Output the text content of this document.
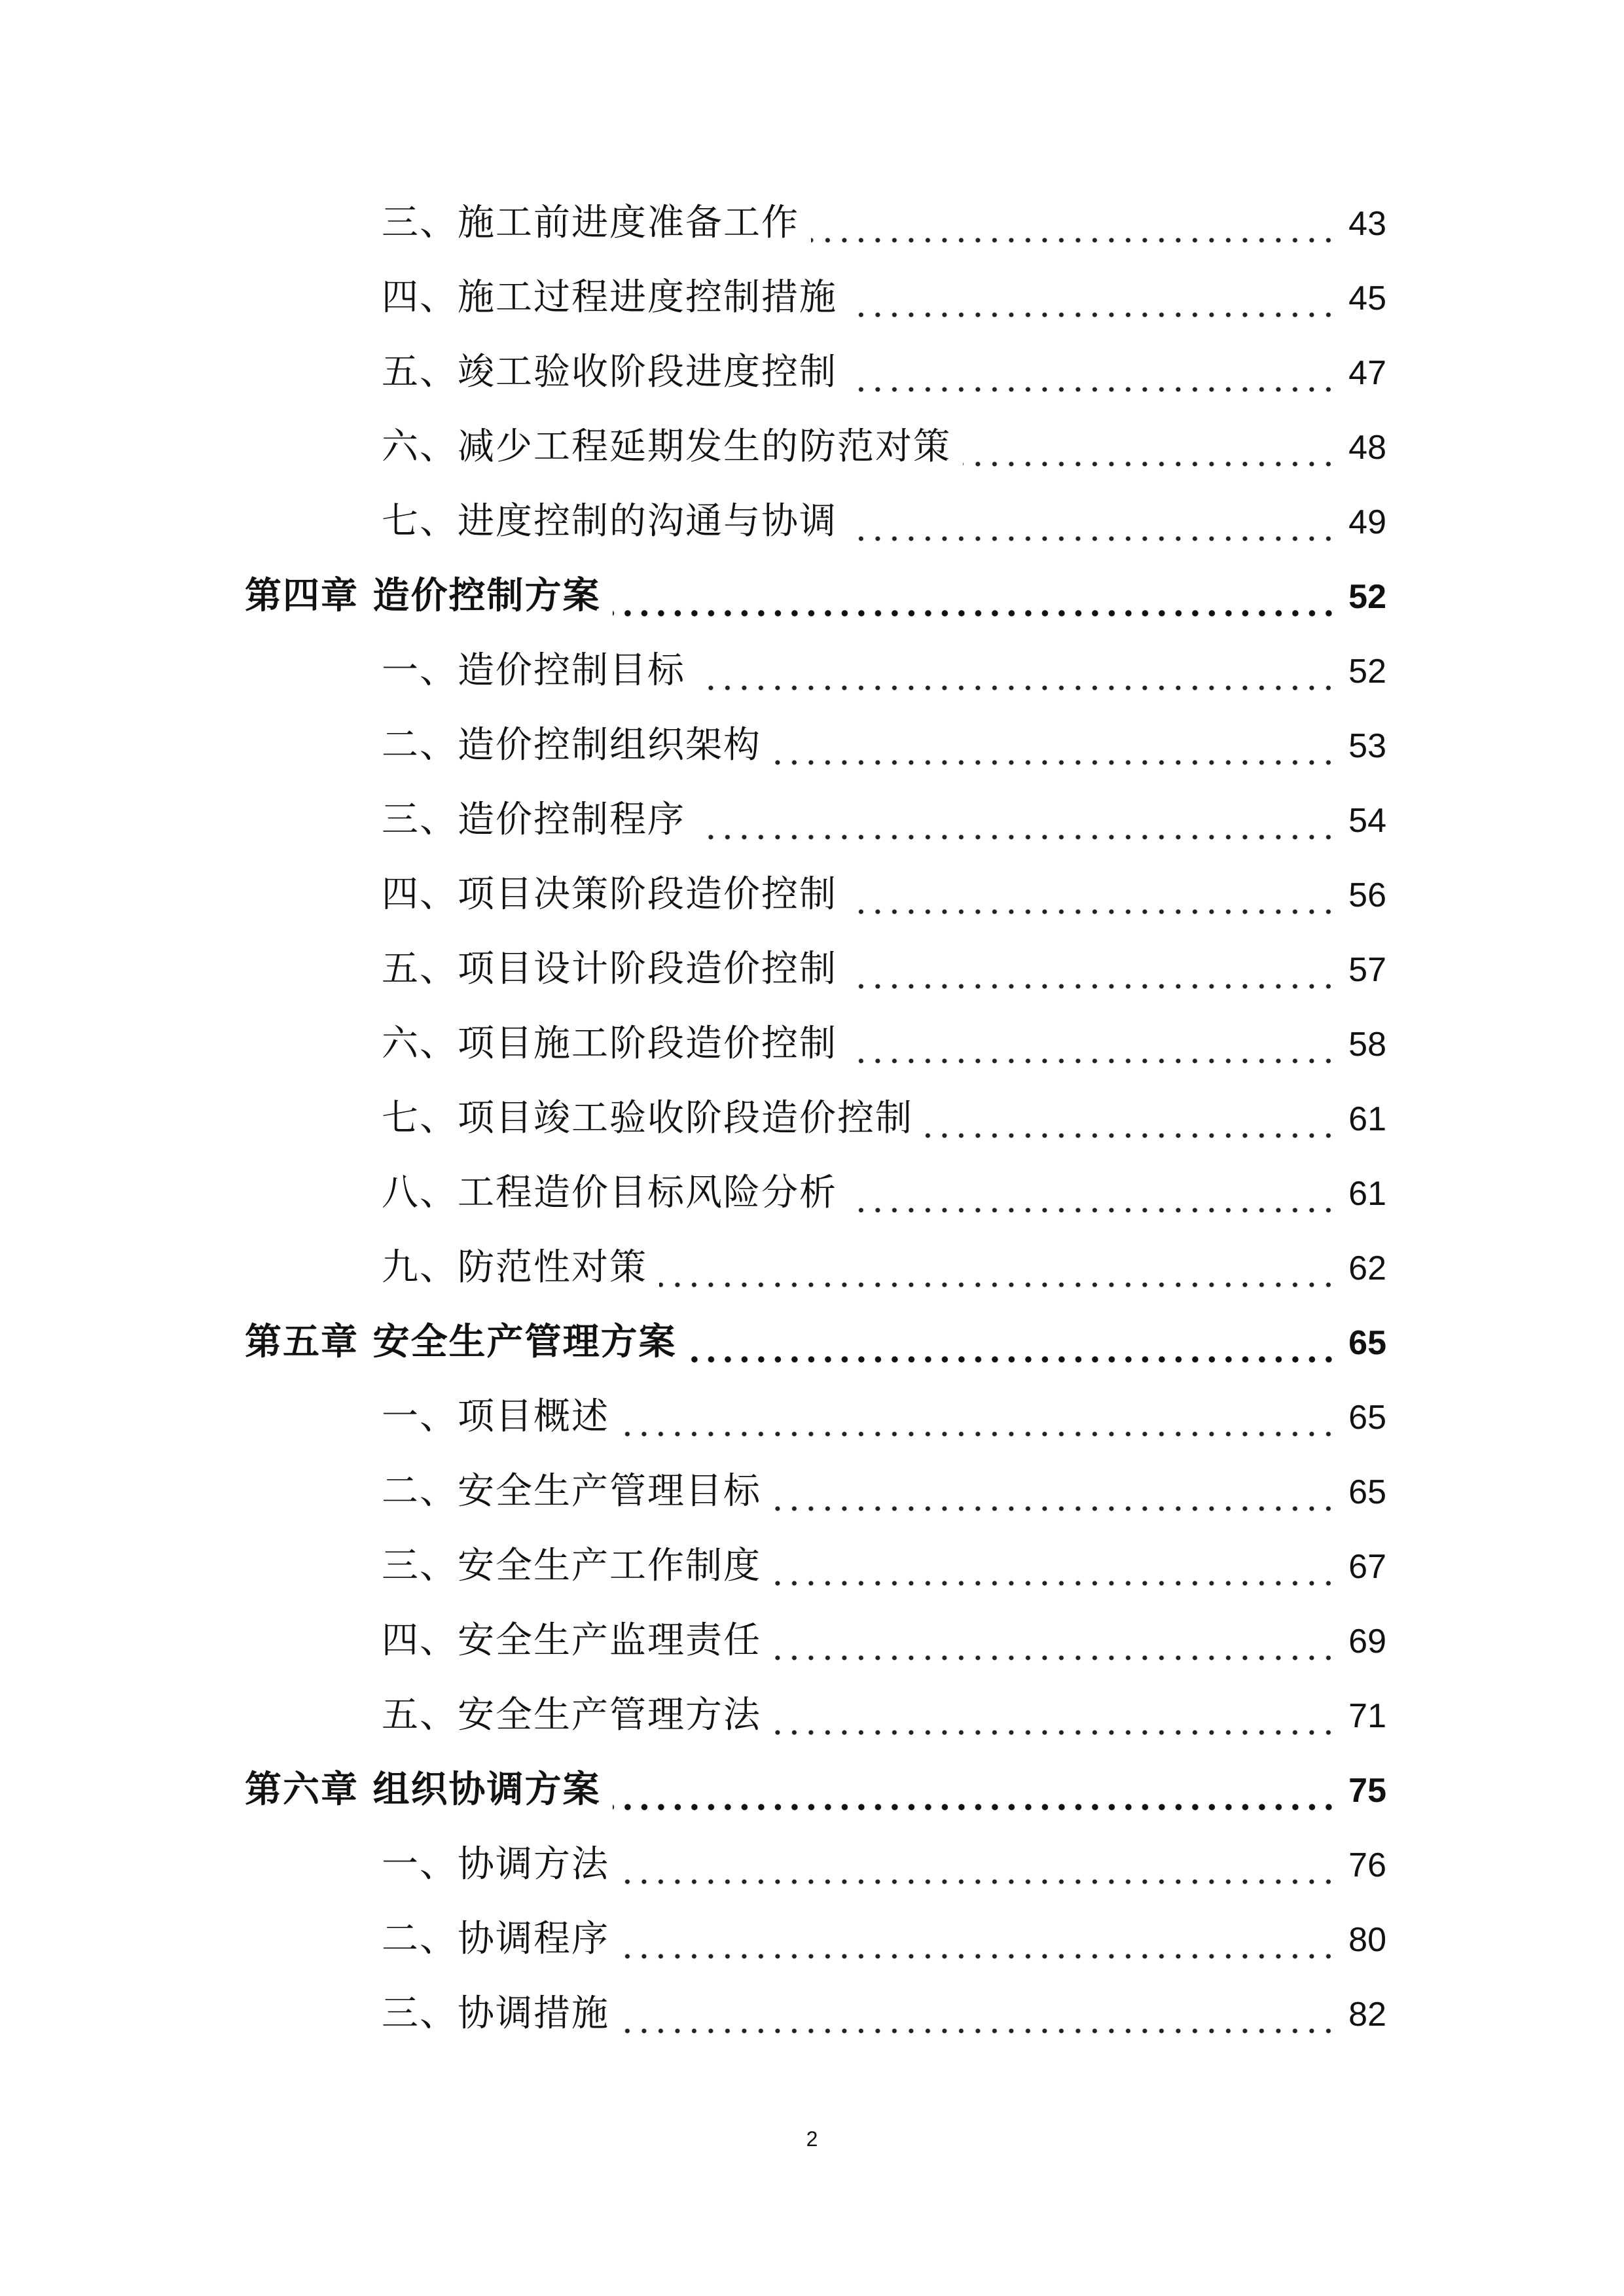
三、施工前进度准备工作	43
四、施工过程进度控制措施	45
五、竣工验收阶段进度控制	47
六、减少工程延期发生的防范对策	48
七、进度控制的沟通与协调	49
第四章 造价控制方案	52
一、造价控制目标	52
二、造价控制组织架构	53
三、造价控制程序	54
四、项目决策阶段造价控制	56
五、项目设计阶段造价控制	57
六、项目施工阶段造价控制	58
七、项目竣工验收阶段造价控制	61
八、工程造价目标风险分析	61
九、防范性对策	62
第五章 安全生产管理方案	65
一、项目概述	65
二、安全生产管理目标	65
三、安全生产工作制度	67
四、安全生产监理责任	69
五、安全生产管理方法	71
第六章 组织协调方案	75
一、协调方法	76
二、协调程序	80
三、协调措施	82
2
